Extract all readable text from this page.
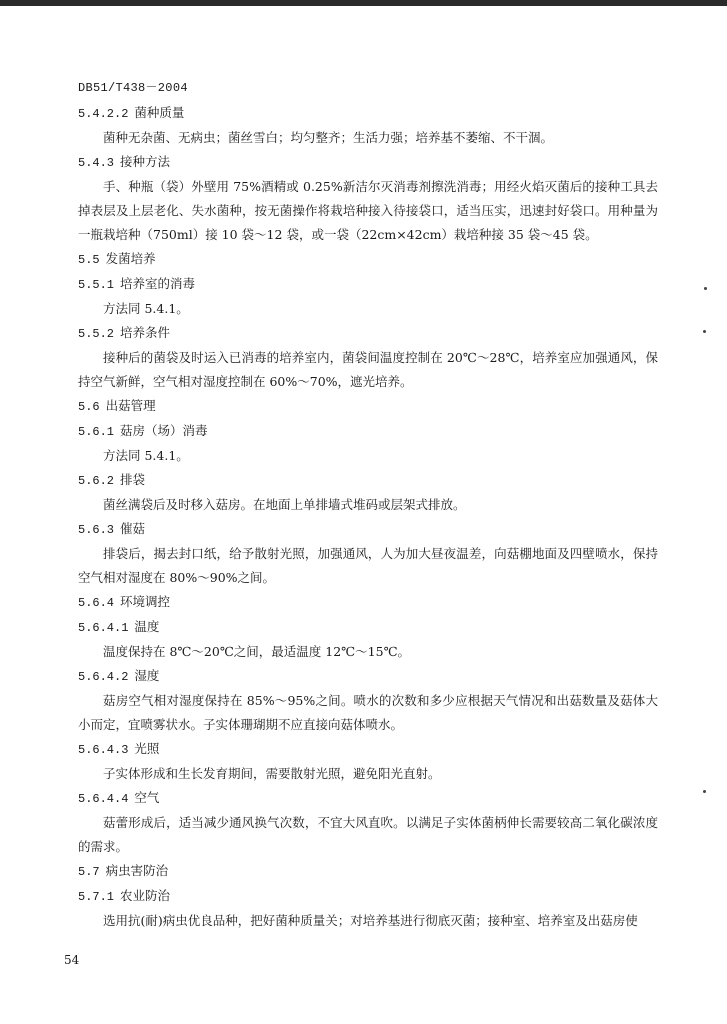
DB51/T438－2004

5.4.2.2 菌种质量

菌种无杂菌、无病虫；菌丝雪白；均匀整齐；生活力强；培养基不萎缩、不干涸。

5.4.3 接种方法

手、种瓶（袋）外壁用 75%酒精或 0.25%新洁尔灭消毒剂擦洗消毒；用经火焰灭菌后的接种工具去掉表层及上层老化、失水菌种，按无菌操作将栽培种接入待接袋口，适当压实，迅速封好袋口。用种量为一瓶栽培种（750ml）接 10 袋～12 袋，或一袋（22cm×42cm）栽培种接 35 袋～45 袋。

5.5 发菌培养

5.5.1 培养室的消毒

方法同 5.4.1。

5.5.2 培养条件

接种后的菌袋及时运入已消毒的培养室内，菌袋间温度控制在 20℃～28℃，培养室应加强通风，保持空气新鲜，空气相对湿度控制在 60%～70%，遮光培养。

5.6 出菇管理

5.6.1 菇房（场）消毒

方法同 5.4.1。

5.6.2 排袋

菌丝满袋后及时移入菇房。在地面上单排墙式堆码或层架式排放。

5.6.3 催菇

排袋后，揭去封口纸，给予散射光照，加强通风，人为加大昼夜温差，向菇棚地面及四壁喷水，保持空气相对湿度在 80%～90%之间。

5.6.4 环境调控

5.6.4.1 温度

温度保持在 8℃～20℃之间，最适温度 12℃～15℃。

5.6.4.2 湿度

菇房空气相对湿度保持在 85%～95%之间。喷水的次数和多少应根据天气情况和出菇数量及菇体大小而定，宜喷雾状水。子实体珊瑚期不应直接向菇体喷水。

5.6.4.3 光照

子实体形成和生长发育期间，需要散射光照，避免阳光直射。

5.6.4.4 空气

菇蕾形成后，适当减少通风换气次数，不宜大风直吹。以满足子实体菌柄伸长需要较高二氧化碳浓度的需求。

5.7 病虫害防治

5.7.1 农业防治

选用抗(耐)病虫优良品种，把好菌种质量关；对培养基进行彻底灭菌；接种室、培养室及出菇房使

54
